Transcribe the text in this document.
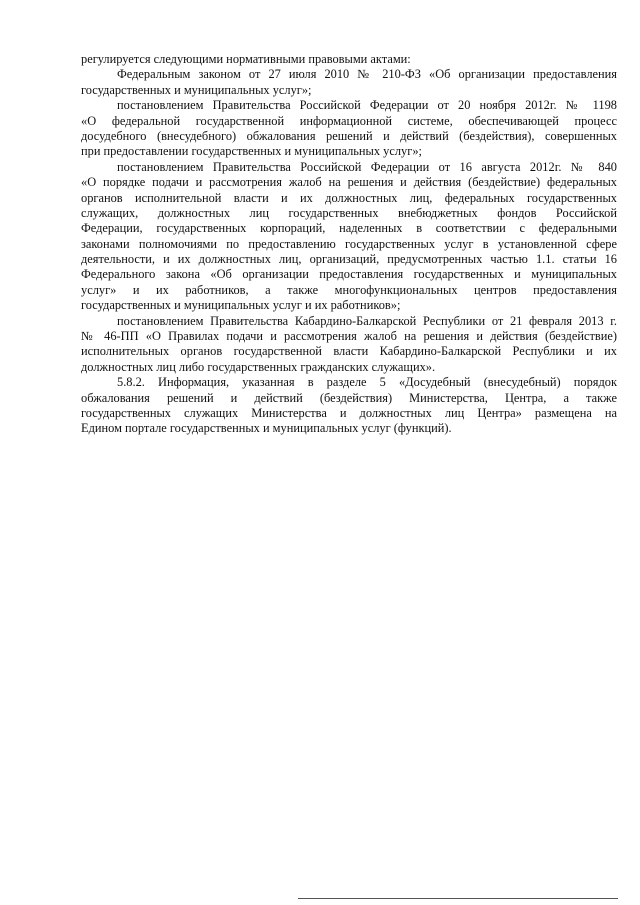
регулируется следующими нормативными правовыми актами:
Федеральным законом от 27 июля 2010 № 210-ФЗ «Об организации предоставления
государственных и муниципальных услуг»;
постановлением Правительства Российской Федерации от 20 ноября 2012г. № 1198
«О федеральной государственной информационной системе, обеспечивающей процесс
досудебного (внесудебного) обжалования решений и действий (бездействия), совершенных
при предоставлении государственных и муниципальных услуг»;
постановлением Правительства Российской Федерации от 16 августа 2012г. № 840
«О порядке подачи и рассмотрения жалоб на решения и действия (бездействие) федеральных
органов исполнительной власти и их должностных лиц, федеральных государственных
служащих, должностных лиц государственных внебюджетных фондов Российской
Федерации, государственных корпораций, наделенных в соответствии с федеральными
законами полномочиями по предоставлению государственных услуг в установленной сфере
деятельности, и их должностных лиц, организаций, предусмотренных частью 1.1. статьи 16
Федерального закона «Об организации предоставления государственных и муниципальных
услуг» и их работников, а также многофункциональных центров предоставления
государственных и муниципальных услуг и их работников»;
постановлением Правительства Кабардино-Балкарской Республики от 21 февраля 2013 г.
№ 46-ПП «О Правилах подачи и рассмотрения жалоб на решения и действия (бездействие)
исполнительных органов государственной власти Кабардино-Балкарской Республики и их
должностных лиц либо государственных гражданских служащих».
5.8.2. Информация, указанная в разделе 5 «Досудебный (внесудебный) порядок
обжалования решений и действий (бездействия) Министерства, Центра, а также
государственных служащих Министерства и должностных лиц Центра» размещена на
Едином портале государственных и муниципальных услуг (функций).
